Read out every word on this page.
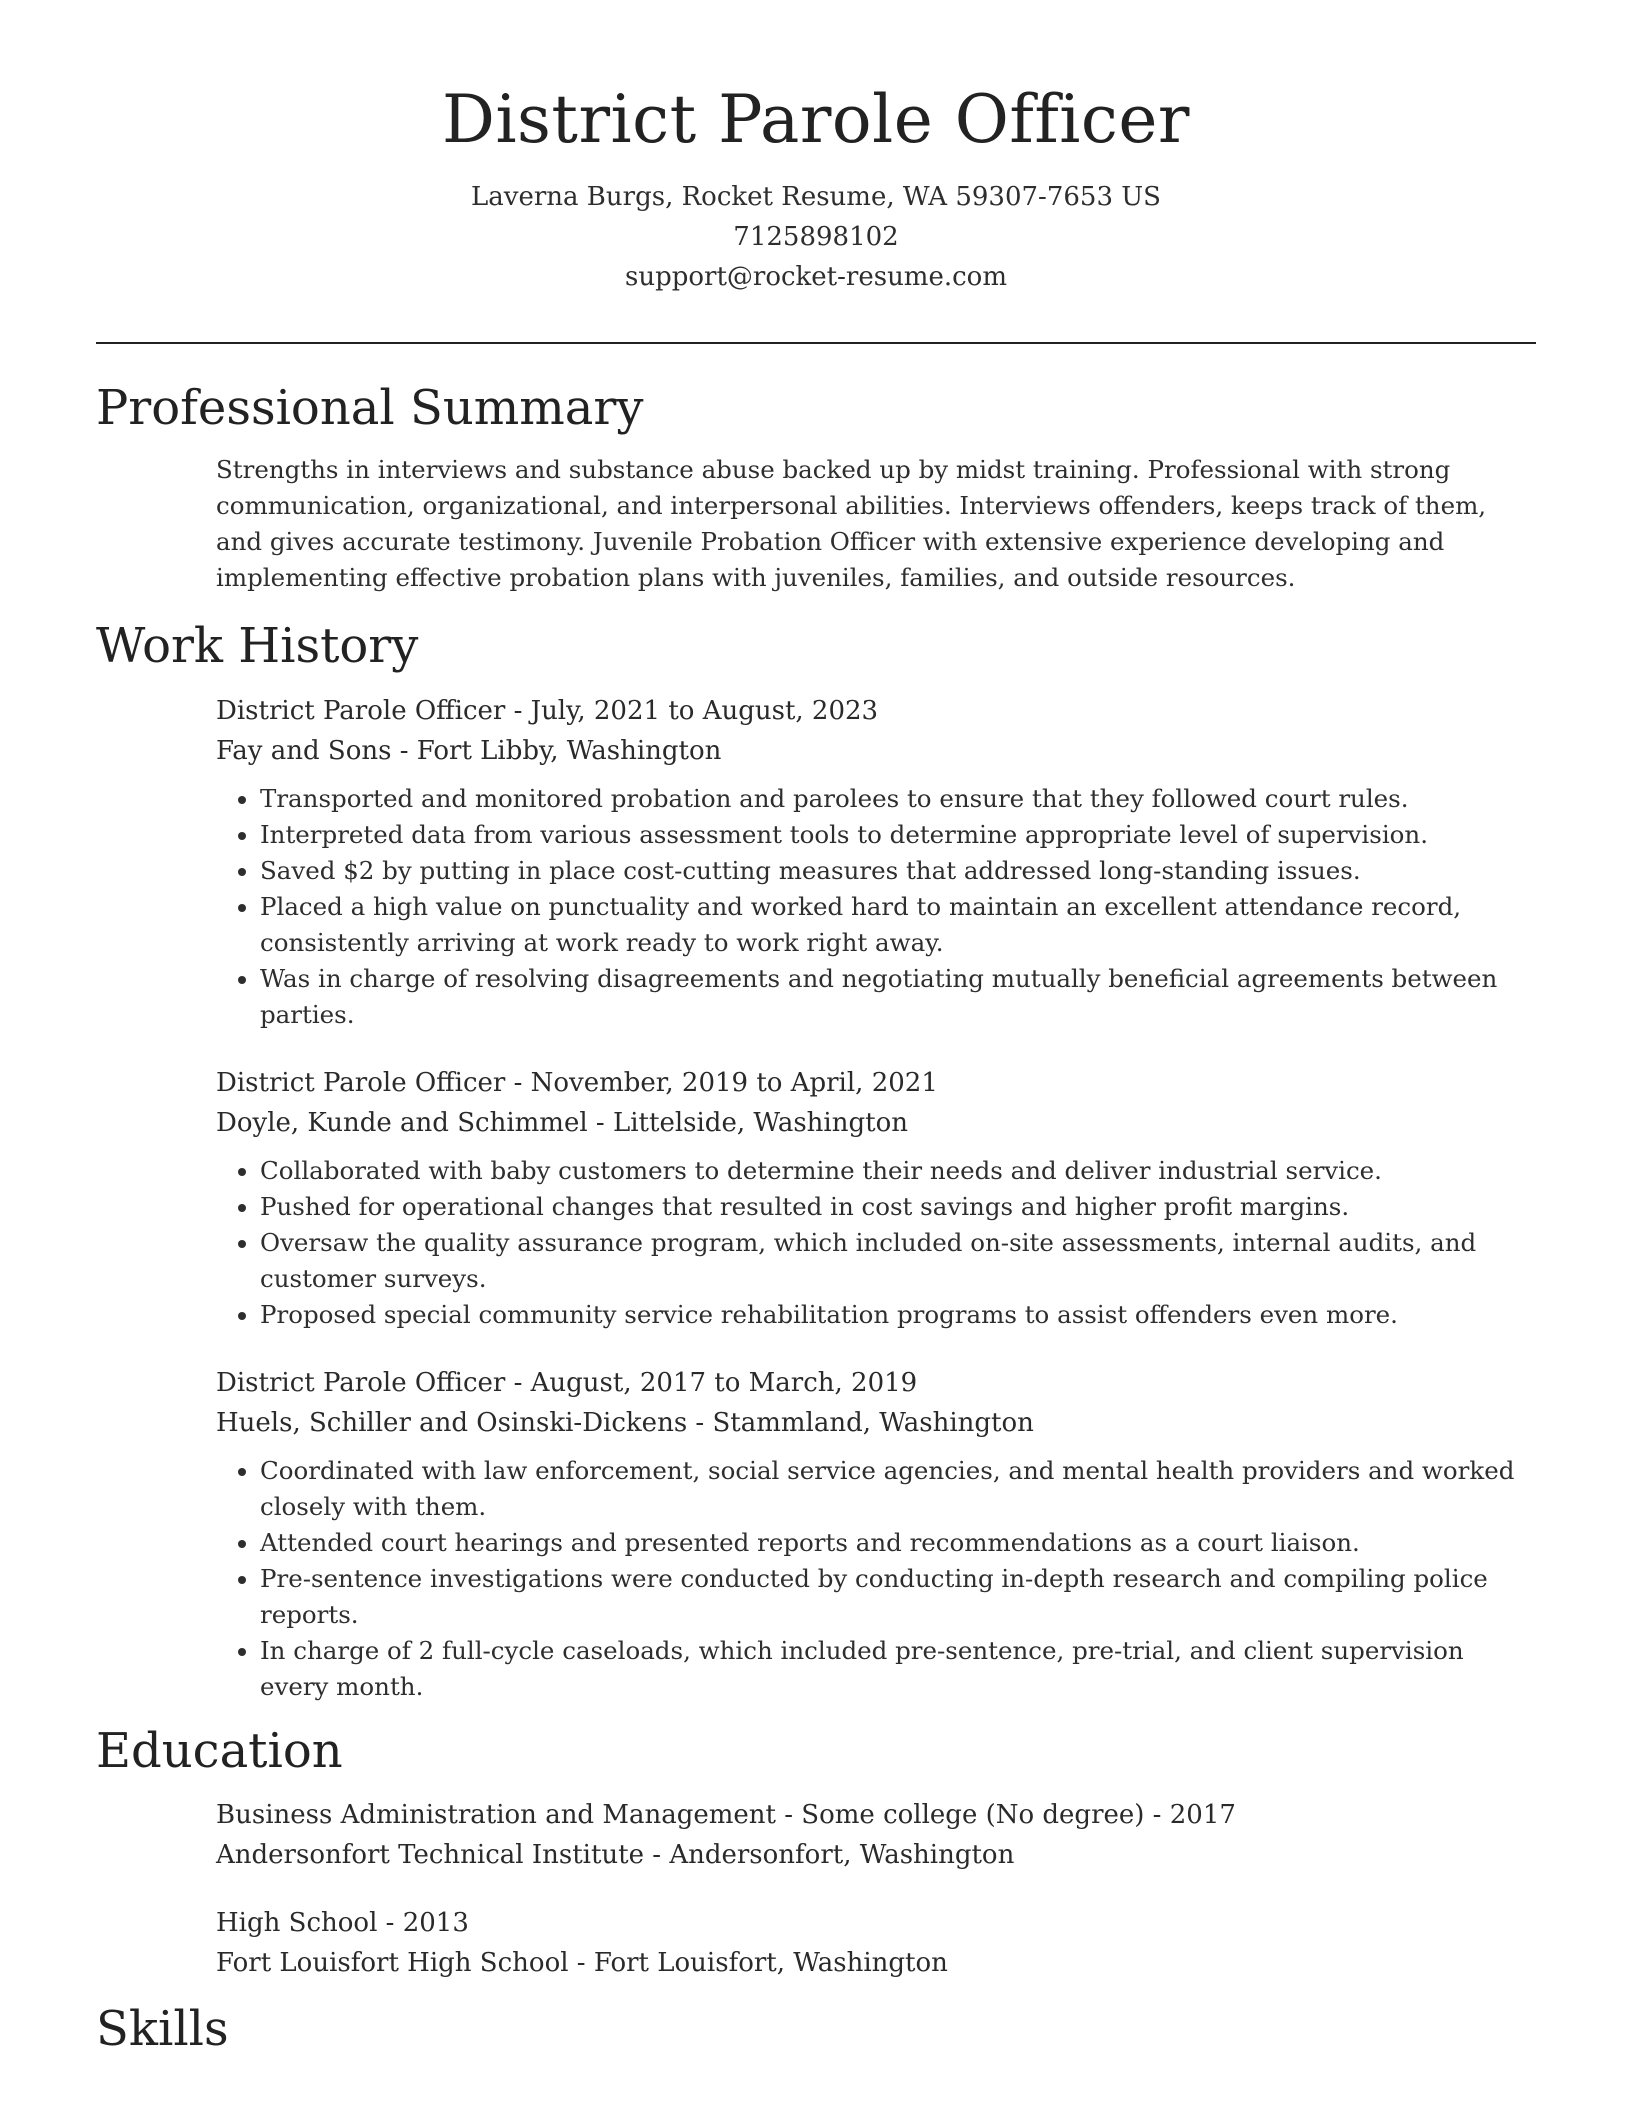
District Parole Officer
Laverna Burgs, Rocket Resume, WA 59307-7653 US
7125898102
support@rocket-resume.com
Professional Summary

Strengths in interviews and substance abuse backed up by midst training. Professional with strong communication, organizational, and interpersonal abilities. Interviews offenders, keeps track of them, and gives accurate testimony. Juvenile Probation Officer with extensive experience developing and implementing effective probation plans with juveniles, families, and outside resources.

Work History
District Parole Officer - July, 2021 to August, 2023
Fay and Sons - Fort Libby, Washington
• Transported and monitored probation and parolees to ensure that they followed court rules.
• Interpreted data from various assessment tools to determine appropriate level of supervision.
• Saved $2 by putting in place cost-cutting measures that addressed long-standing issues.
• Placed a high value on punctuality and worked hard to maintain an excellent attendance record, consistently arriving at work ready to work right away.
• Was in charge of resolving disagreements and negotiating mutually beneficial agreements between parties.
District Parole Officer - November, 2019 to April, 2021
Doyle, Kunde and Schimmel - Littelside, Washington
• Collaborated with baby customers to determine their needs and deliver industrial service.
• Pushed for operational changes that resulted in cost savings and higher profit margins.
• Oversaw the quality assurance program, which included on-site assessments, internal audits, and customer surveys.
• Proposed special community service rehabilitation programs to assist offenders even more.
District Parole Officer - August, 2017 to March, 2019
Huels, Schiller and Osinski-Dickens - Stammland, Washington
• Coordinated with law enforcement, social service agencies, and mental health providers and worked closely with them.
• Attended court hearings and presented reports and recommendations as a court liaison.
• Pre-sentence investigations were conducted by conducting in-depth research and compiling police reports.
• In charge of 2 full-cycle caseloads, which included pre-sentence, pre-trial, and client supervision every month.
Education
Business Administration and Management - Some college (No degree) - 2017
Andersonfort Technical Institute - Andersonfort, Washington
High School - 2013
Fort Louisfort High School - Fort Louisfort, Washington
Skills
